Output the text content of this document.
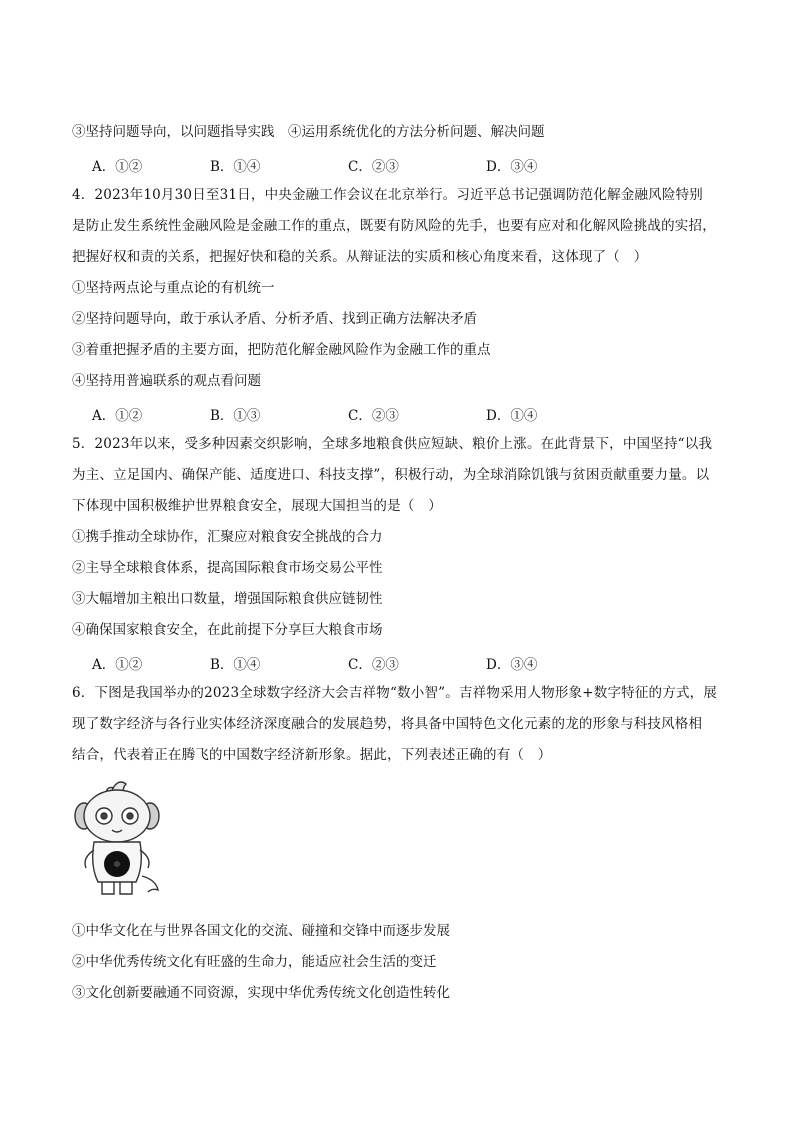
③坚持问题导向，以问题指导实践　④运用系统优化的方法分析问题、解决问题
A．①②	B．①④	C．②③	D．③④
4．2023年10月30日至31日，中央金融工作会议在北京举行。习近平总书记强调防范化解金融风险特别
是防止发生系统性金融风险是金融工作的重点，既要有防风险的先手，也要有应对和化解风险挑战的实招，
把握好权和责的关系，把握好快和稳的关系。从辩证法的实质和核心角度来看，这体现了（　）
①坚持两点论与重点论的有机统一
②坚持问题导向，敢于承认矛盾、分析矛盾、找到正确方法解决矛盾
③着重把握矛盾的主要方面，把防范化解金融风险作为金融工作的重点
④坚持用普遍联系的观点看问题
A．①②	B．①③	C．②③	D．①④
5．2023年以来，受多种因素交织影响，全球多地粮食供应短缺、粮价上涨。在此背景下，中国坚持“以我
为主、立足国内、确保产能、适度进口、科技支撑”，积极行动，为全球消除饥饿与贫困贡献重要力量。以
下体现中国积极维护世界粮食安全，展现大国担当的是（　）
①携手推动全球协作，汇聚应对粮食安全挑战的合力
②主导全球粮食体系，提高国际粮食市场交易公平性
③大幅增加主粮出口数量，增强国际粮食供应链韧性
④确保国家粮食安全，在此前提下分享巨大粮食市场
A．①②	B．①④	C．②③	D．③④
6．下图是我国举办的2023全球数字经济大会吉祥物“数小智”。吉祥物采用人物形象+数字特征的方式，展
现了数字经济与各行业实体经济深度融合的发展趋势，将具备中国特色文化元素的龙的形象与科技风格相
结合，代表着正在腾飞的中国数字经济新形象。据此，下列表述正确的有（　）
①中华文化在与世界各国文化的交流、碰撞和交锋中而逐步发展
②中华优秀传统文化有旺盛的生命力，能适应社会生活的变迁
③文化创新要融通不同资源，实现中华优秀传统文化创造性转化
